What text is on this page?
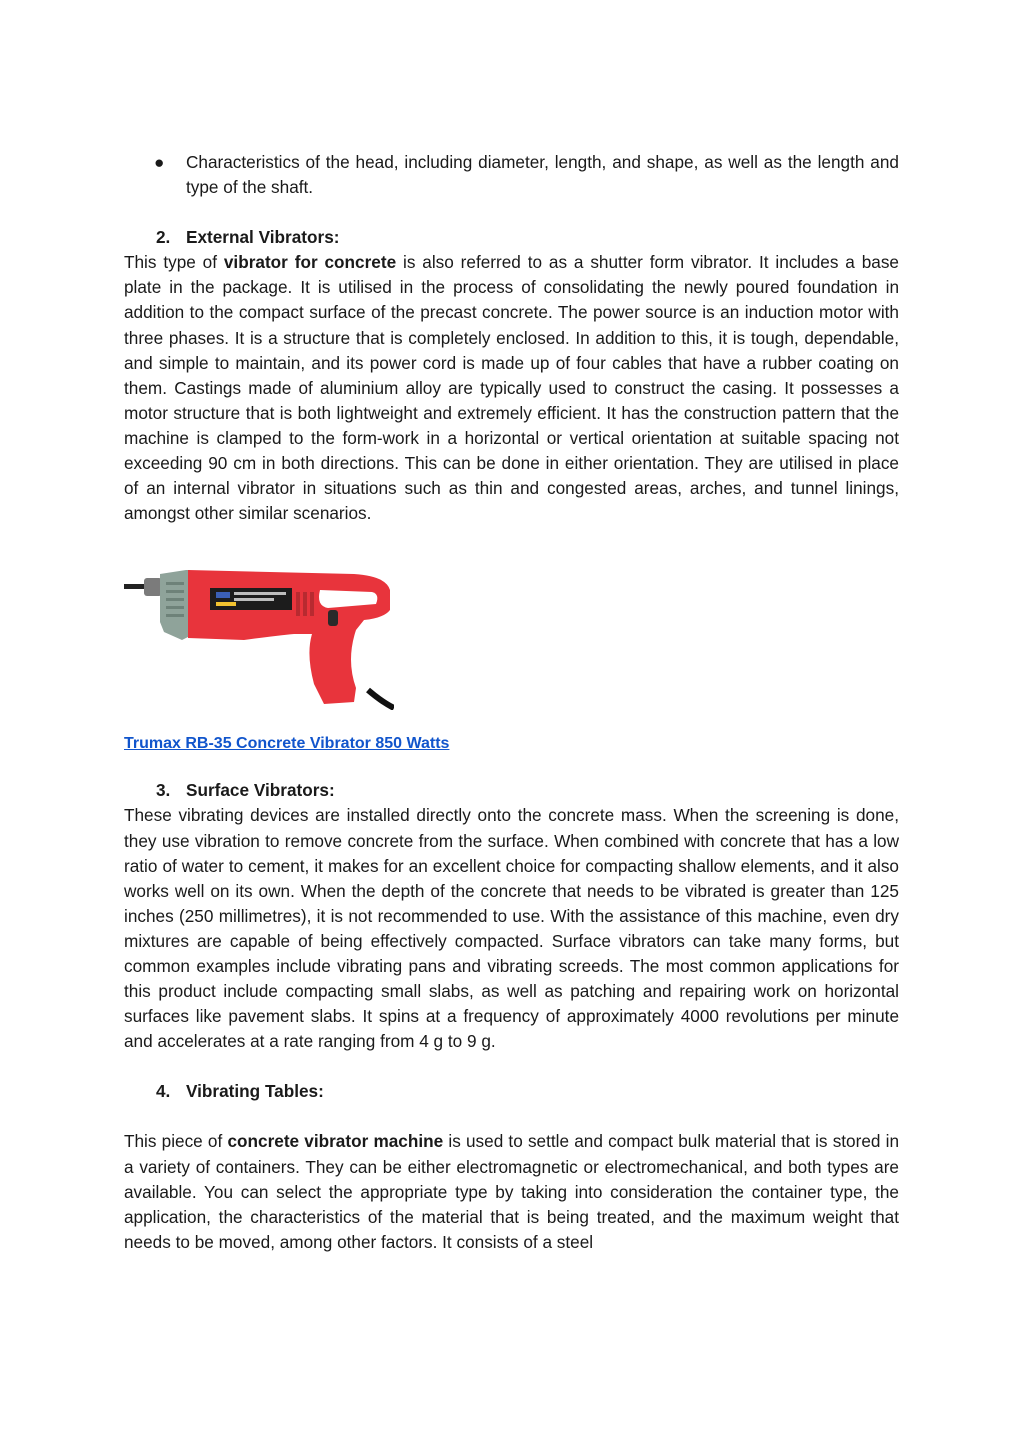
● Characteristics of the head, including diameter, length, and shape, as well as the length and type of the shaft.

2. External Vibrators:

This type of vibrator for concrete is also referred to as a shutter form vibrator. It includes a base plate in the package. It is utilised in the process of consolidating the newly poured foundation in addition to the compact surface of the precast concrete. The power source is an induction motor with three phases. It is a structure that is completely enclosed. In addition to this, it is tough, dependable, and simple to maintain, and its power cord is made up of four cables that have a rubber coating on them. Castings made of aluminium alloy are typically used to construct the casing. It possesses a motor structure that is both lightweight and extremely efficient. It has the construction pattern that the machine is clamped to the form-work in a horizontal or vertical orientation at suitable spacing not exceeding 90 cm in both directions. This can be done in either orientation. They are utilised in place of an internal vibrator in situations such as thin and congested areas, arches, and tunnel linings, amongst other similar scenarios.

Trumax RB-35 Concrete Vibrator 850 Watts

3. Surface Vibrators:

These vibrating devices are installed directly onto the concrete mass. When the screening is done, they use vibration to remove concrete from the surface. When combined with concrete that has a low ratio of water to cement, it makes for an excellent choice for compacting shallow elements, and it also works well on its own. When the depth of the concrete that needs to be vibrated is greater than 125 inches (250 millimetres), it is not recommended to use. With the assistance of this machine, even dry mixtures are capable of being effectively compacted. Surface vibrators can take many forms, but common examples include vibrating pans and vibrating screeds. The most common applications for this product include compacting small slabs, as well as patching and repairing work on horizontal surfaces like pavement slabs. It spins at a frequency of approximately 4000 revolutions per minute and accelerates at a rate ranging from 4 g to 9 g.

4. Vibrating Tables:

This piece of concrete vibrator machine is used to settle and compact bulk material that is stored in a variety of containers. They can be either electromagnetic or electromechanical, and both types are available. You can select the appropriate type by taking into consideration the container type, the application, the characteristics of the material that is being treated, and the maximum weight that needs to be moved, among other factors. It consists of a steel
